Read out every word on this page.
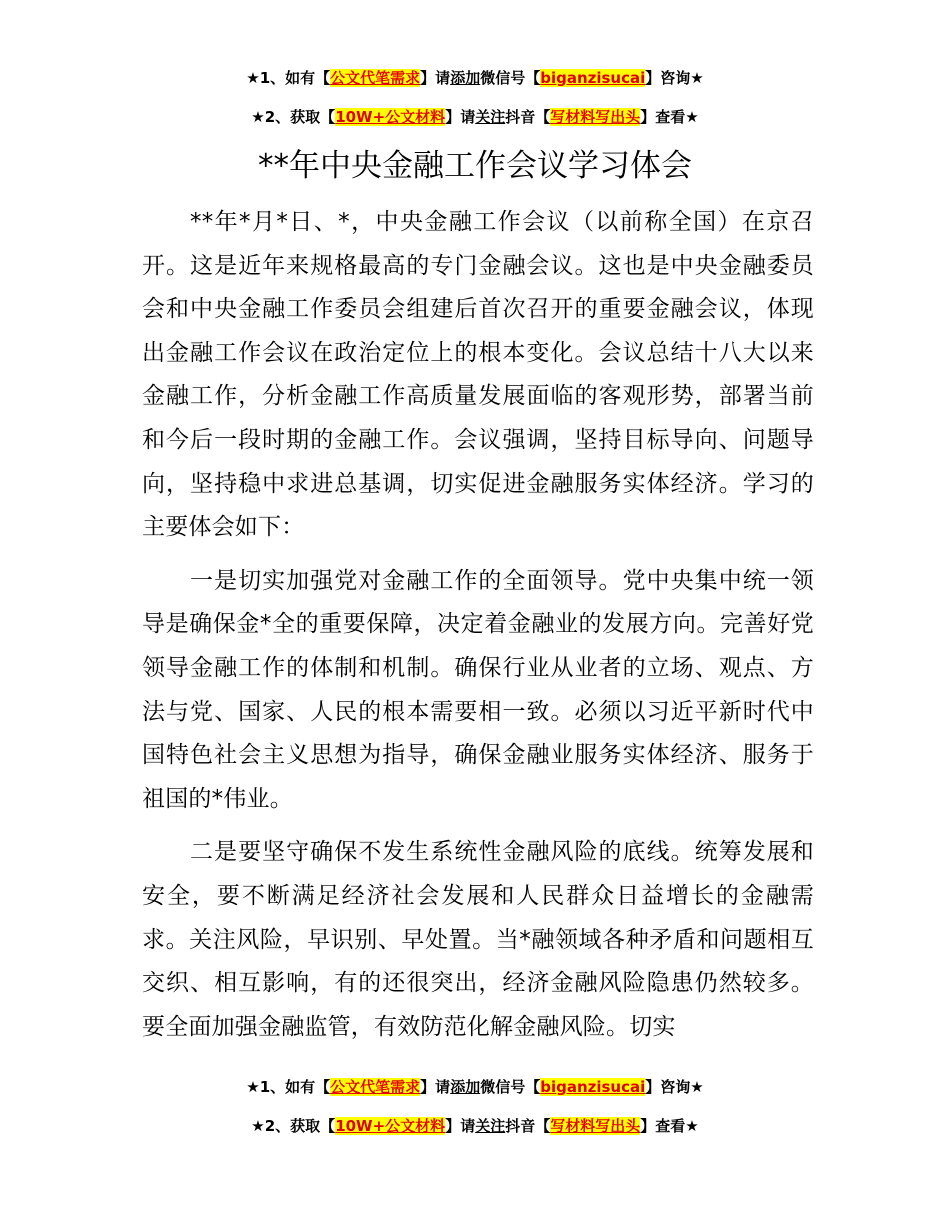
★1、如有【公文代笔需求】请添加微信号【biganzisucai】咨询★
★2、获取【10W+公文材料】请关注抖音【写材料写出头】查看★
**年中央金融工作会议学习体会

**年*月*日、*，中央金融工作会议（以前称全国）在京召开。这是近年来规格最高的专门金融会议。这也是中央金融委员会和中央金融工作委员会组建后首次召开的重要金融会议，体现出金融工作会议在政治定位上的根本变化。会议总结十八大以来金融工作，分析金融工作高质量发展面临的客观形势，部署当前和今后一段时期的金融工作。会议强调，坚持目标导向、问题导向，坚持稳中求进总基调，切实促进金融服务实体经济。学习的主要体会如下：

一是切实加强党对金融工作的全面领导。党中央集中统一领导是确保金*全的重要保障，决定着金融业的发展方向。完善好党领导金融工作的体制和机制。确保行业从业者的立场、观点、方法与党、国家、人民的根本需要相一致。必须以习近平新时代中国特色社会主义思想为指导，确保金融业服务实体经济、服务于祖国的*伟业。

二是要坚守确保不发生系统性金融风险的底线。统筹发展和安全，要不断满足经济社会发展和人民群众日益增长的金融需求。关注风险，早识别、早处置。当*融领域各种矛盾和问题相互交织、相互影响，有的还很突出，经济金融风险隐患仍然较多。要全面加强金融监管，有效防范化解金融风险。切实

★1、如有【公文代笔需求】请添加微信号【biganzisucai】咨询★
★2、获取【10W+公文材料】请关注抖音【写材料写出头】查看★
